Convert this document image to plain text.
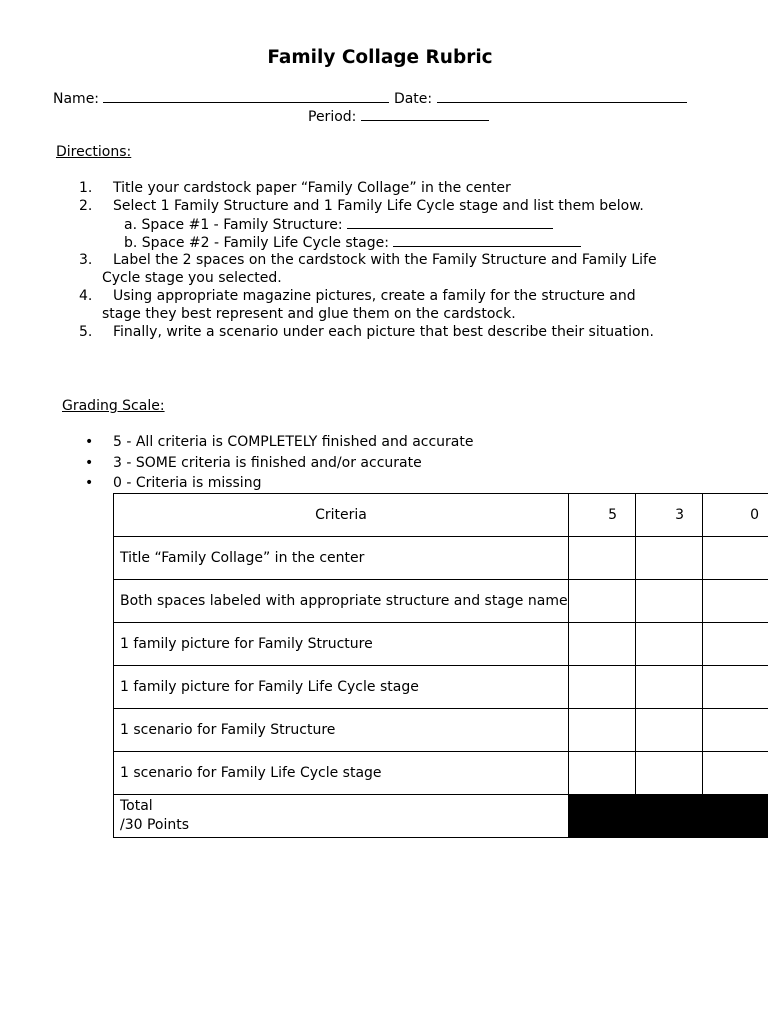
Family Collage Rubric
Name:	Date:
Period:
Directions:
1. Title your cardstock paper “Family Collage” in the center
2. Select 1 Family Structure and 1 Family Life Cycle stage and list them below.
a. Space #1 - Family Structure:
b. Space #2 - Family Life Cycle stage:
3. Label the 2 spaces on the cardstock with the Family Structure and Family Life
Cycle stage you selected.
4. Using appropriate magazine pictures, create a family for the structure and
stage they best represent and glue them on the cardstock.
5. Finally, write a scenario under each picture that best describe their situation.
Grading Scale:
• 5 - All criteria is COMPLETELY finished and accurate
• 3 - SOME criteria is finished and/or accurate
• 0 - Criteria is missing
Criteria	5	3	0
Title “Family Collage” in the center			
Both spaces labeled with appropriate structure and stage name			
1 family picture for Family Structure			
1 family picture for Family Life Cycle stage			
1 scenario for Family Structure			
1 scenario for Family Life Cycle stage			

Total
/30 Points			
